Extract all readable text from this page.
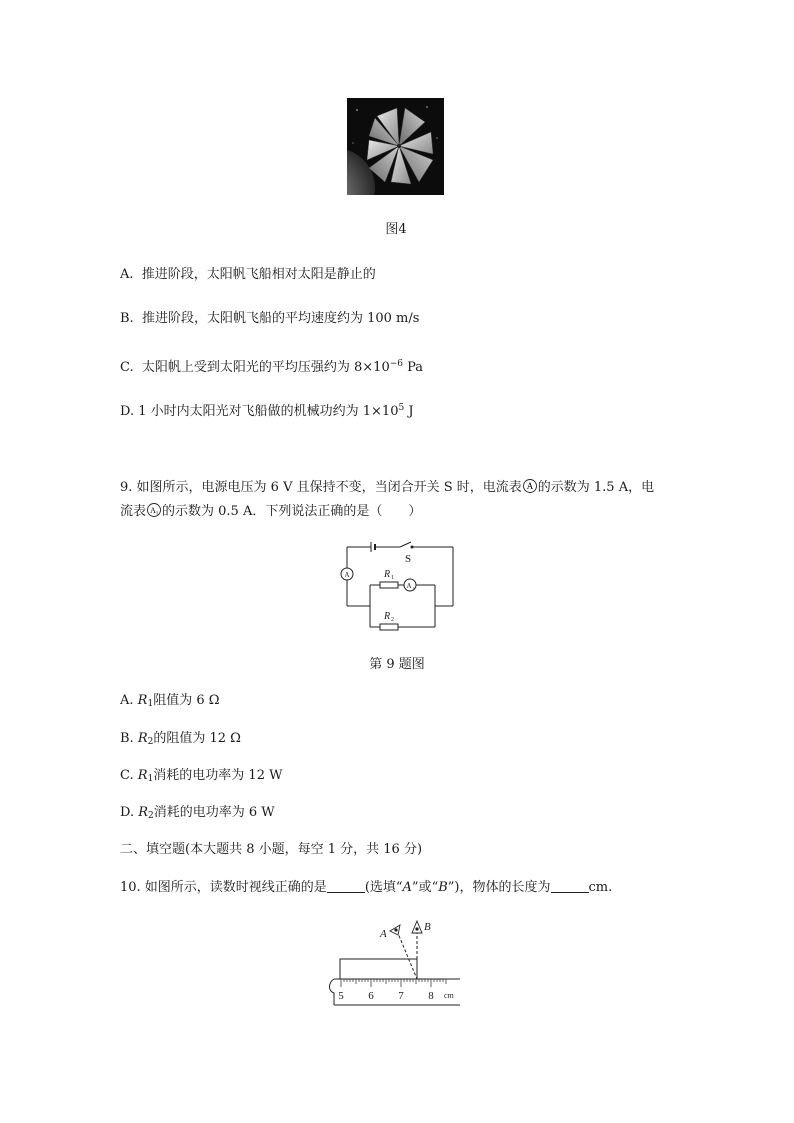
图4
A. 推进阶段，太阳帆飞船相对太阳是静止的
B. 推进阶段，太阳帆飞船的平均速度约为 100 m/s
C. 太阳帆上受到太阳光的平均压强约为 $8\times 10^{-6}$ Pa
D. 1 小时内太阳光对飞船做的机械功约为 $1\times 10^5$ J
9. 如图所示，电源电压为 6 V 且保持不变，当闭合开关 S 时，电流表 A 的示数为 1.5 A，电
流表 A 1 的示数为 0.5 A．下列说法正确的是（　　）
S
A
A 1
R 1
R 2
第 9 题图
A. $R_1$阻值为 6 Ω
B. $R_2$的阻值为 12 Ω
C. $R_1$消耗的电功率为 12 W
D. $R_2$消耗的电功率为 6 W
二、填空题(本大题共 8 小题，每空 1 分，共 16 分)
10. 如图所示，读数时视线正确的是	(选填“A”或“B”)，物体的长度为	cm.
A
B
5 6 7 8 cm
